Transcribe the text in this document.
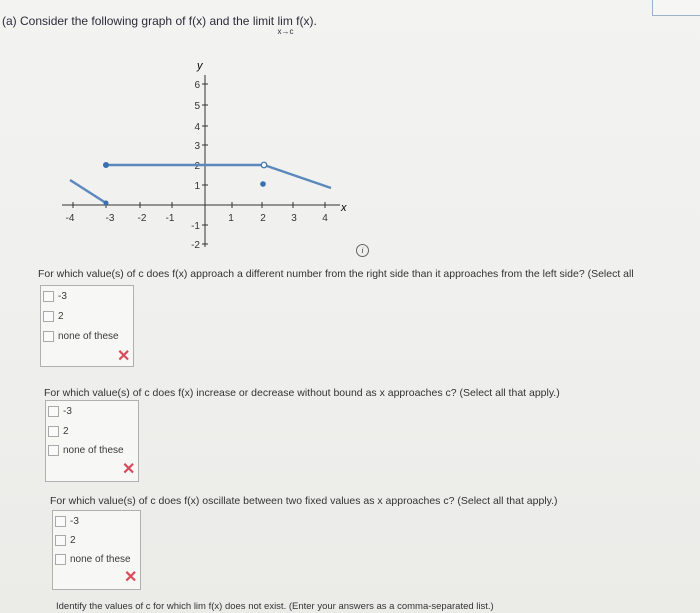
(a) Consider the following graph of f(x) and the limit lim
x→c
f(x).
y
x
6
5
4
3
2
1
-1
-2
-4	-3 -2 -1	1	2	3	4
i
For which value(s) of c does f(x) approach a different number from the right side than it approaches from the left side? (Select all
-3
2
none of these
✕
For which value(s) of c does f(x) increase or decrease without bound as x approaches c? (Select all that apply.)
-3
2
none of these
✕
For which value(s) of c does f(x) oscillate between two fixed values as x approaches c? (Select all that apply.)
-3
2
none of these
✕
Identify the values of c for which lim f(x) does not exist. (Enter your answers as a comma-separated list.)
